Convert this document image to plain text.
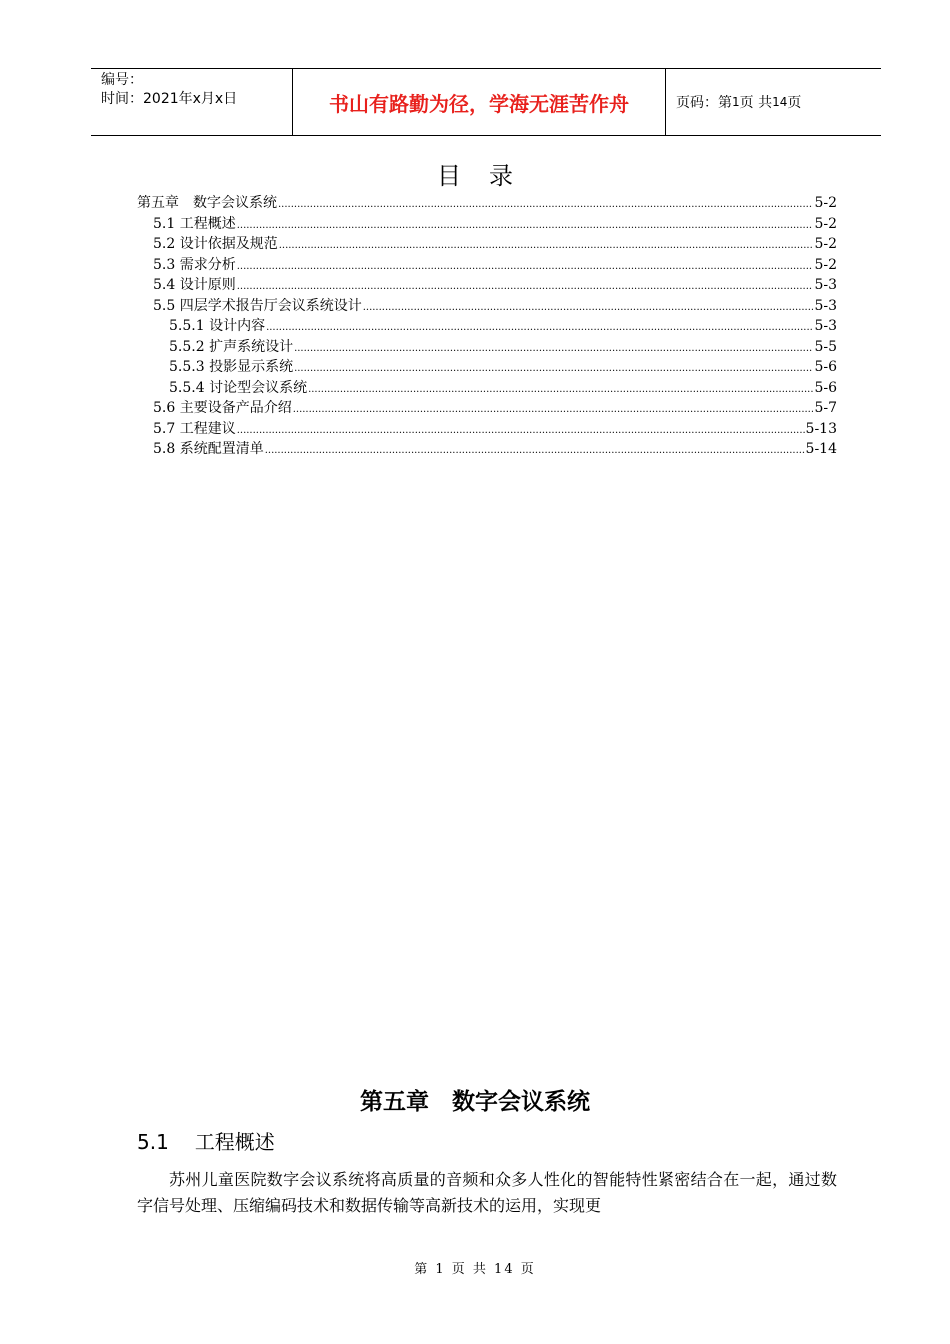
编号：
时间：2021年x月x日	书山有路勤为径，学海无涯苦作舟	页码：第 1 页 共 14 页
目录
第五章　数字会议系统 .....	5-2
5.1 工程概述 .....	5-2
5.2 设计依据及规范 .....	5-2
5.3 需求分析 .....	5-2
5.4 设计原则 .....	5-3
5.5 四层学术报告厅会议系统设计 .....	5-3
5.5.1 设计内容 .....	5-3
5.5.2 扩声系统设计 .....	5-5
5.5.3 投影显示系统 .....	5-6
5.5.4 讨论型会议系统 .....	5-6
5.6 主要设备产品介绍 .....	5-7
5.7 工程建议 .....	5-13
5.8 系统配置清单 .....	5-14
第五章　数字会议系统
5.1 工程概述
苏州儿童医院数字会议系统将高质量的音频和众多人性化的智能特性紧密结合在一起，通过数字信号处理、压缩编码技术和数据传输等高新技术的运用，实现更
第 1 页 共 14 页
